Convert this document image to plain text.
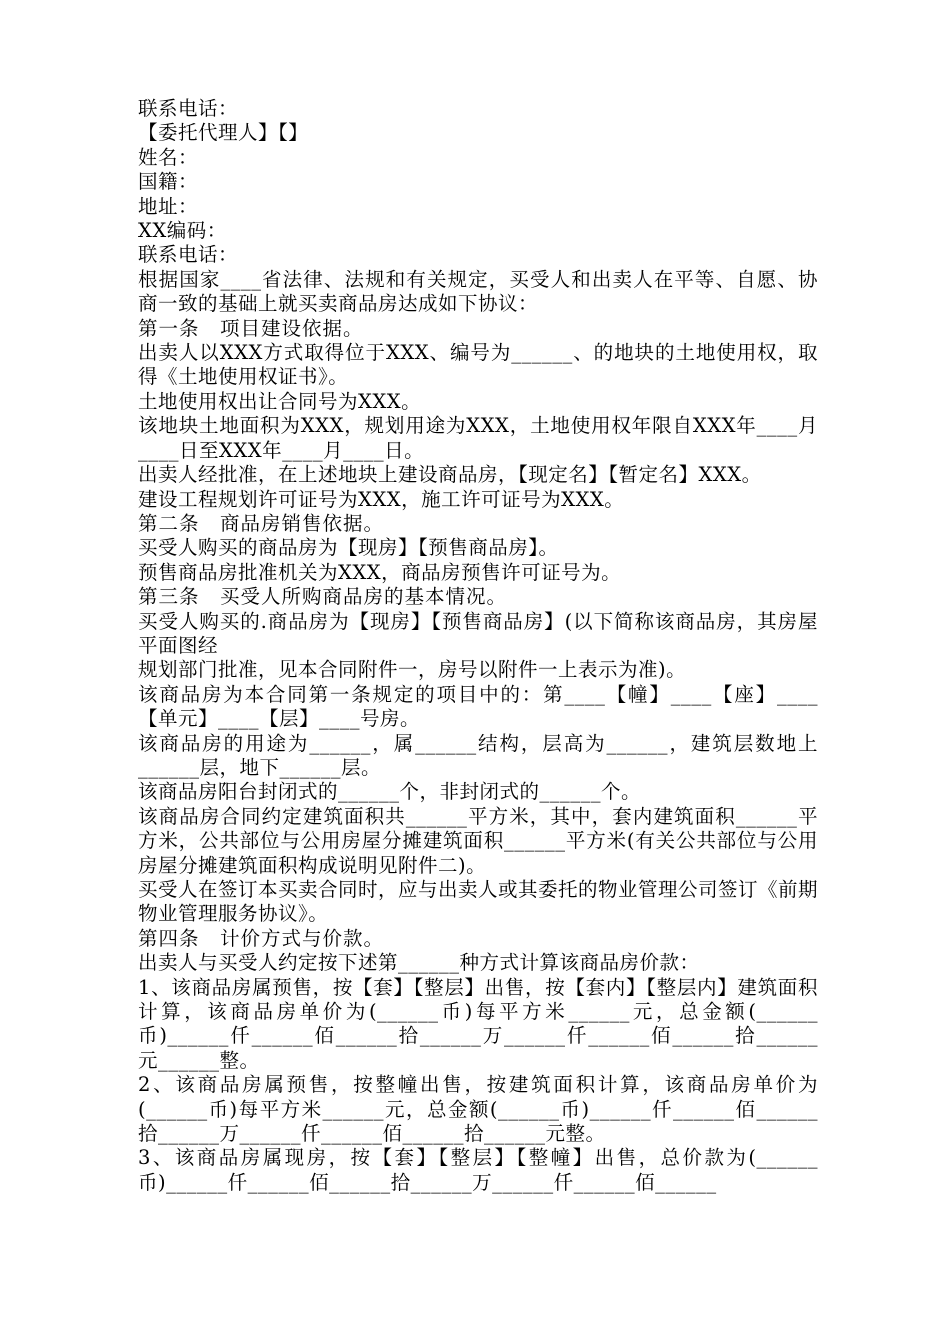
联系电话：

【委托代理人】【】

姓名：

国籍：

地址：

XX编码：

联系电话：

根据国家____省法律、法规和有关规定，买受人和出卖人在平等、自愿、协商一致的基础上就买卖商品房达成如下协议：

第一条　项目建设依据。

出卖人以XXX方式取得位于XXX、编号为______、的地块的土地使用权，取得《土地使用权证书》。

土地使用权出让合同号为XXX。

该地块土地面积为XXX，规划用途为XXX，土地使用权年限自XXX年____月____日至XXX年____月____日。

出卖人经批准，在上述地块上建设商品房，【现定名】【暂定名】XXX。

建设工程规划许可证号为XXX，施工许可证号为XXX。

第二条　商品房销售依据。

买受人购买的商品房为【现房】【预售商品房】。

预售商品房批准机关为XXX，商品房预售许可证号为。

第三条　买受人所购商品房的基本情况。

买受人购买的.商品房为【现房】【预售商品房】(以下简称该商品房，其房屋平面图经

规划部门批准，见本合同附件一，房号以附件一上表示为准)。

该商品房为本合同第一条规定的项目中的：第____【幢】____【座】____【单元】____【层】____号房。

该商品房的用途为______，属______结构，层高为______，建筑层数地上______层，地下______层。

该商品房阳台封闭式的______个，非封闭式的______个。

该商品房合同约定建筑面积共______平方米，其中，套内建筑面积______平方米，公共部位与公用房屋分摊建筑面积______平方米(有关公共部位与公用房屋分摊建筑面积构成说明见附件二)。

买受人在签订本买卖合同时，应与出卖人或其委托的物业管理公司签订《前期物业管理服务协议》。

第四条　计价方式与价款。

出卖人与买受人约定按下述第______种方式计算该商品房价款：

1、该商品房属预售，按【套】【整层】出售，按【套内】【整层内】建筑面积计算，该商品房单价为(______币)每平方米______元，总金额(______币)______仟______佰______拾______万______仟______佰______拾______元______整。

2、该商品房属预售，按整幢出售，按建筑面积计算，该商品房单价为(______币)每平方米______元，总金额(______币)______仟______佰______拾______万______仟______佰______拾______元整。

3、该商品房属现房，按【套】【整层】【整幢】出售，总价款为(______币)______仟______佰______拾______万______仟______佰______
